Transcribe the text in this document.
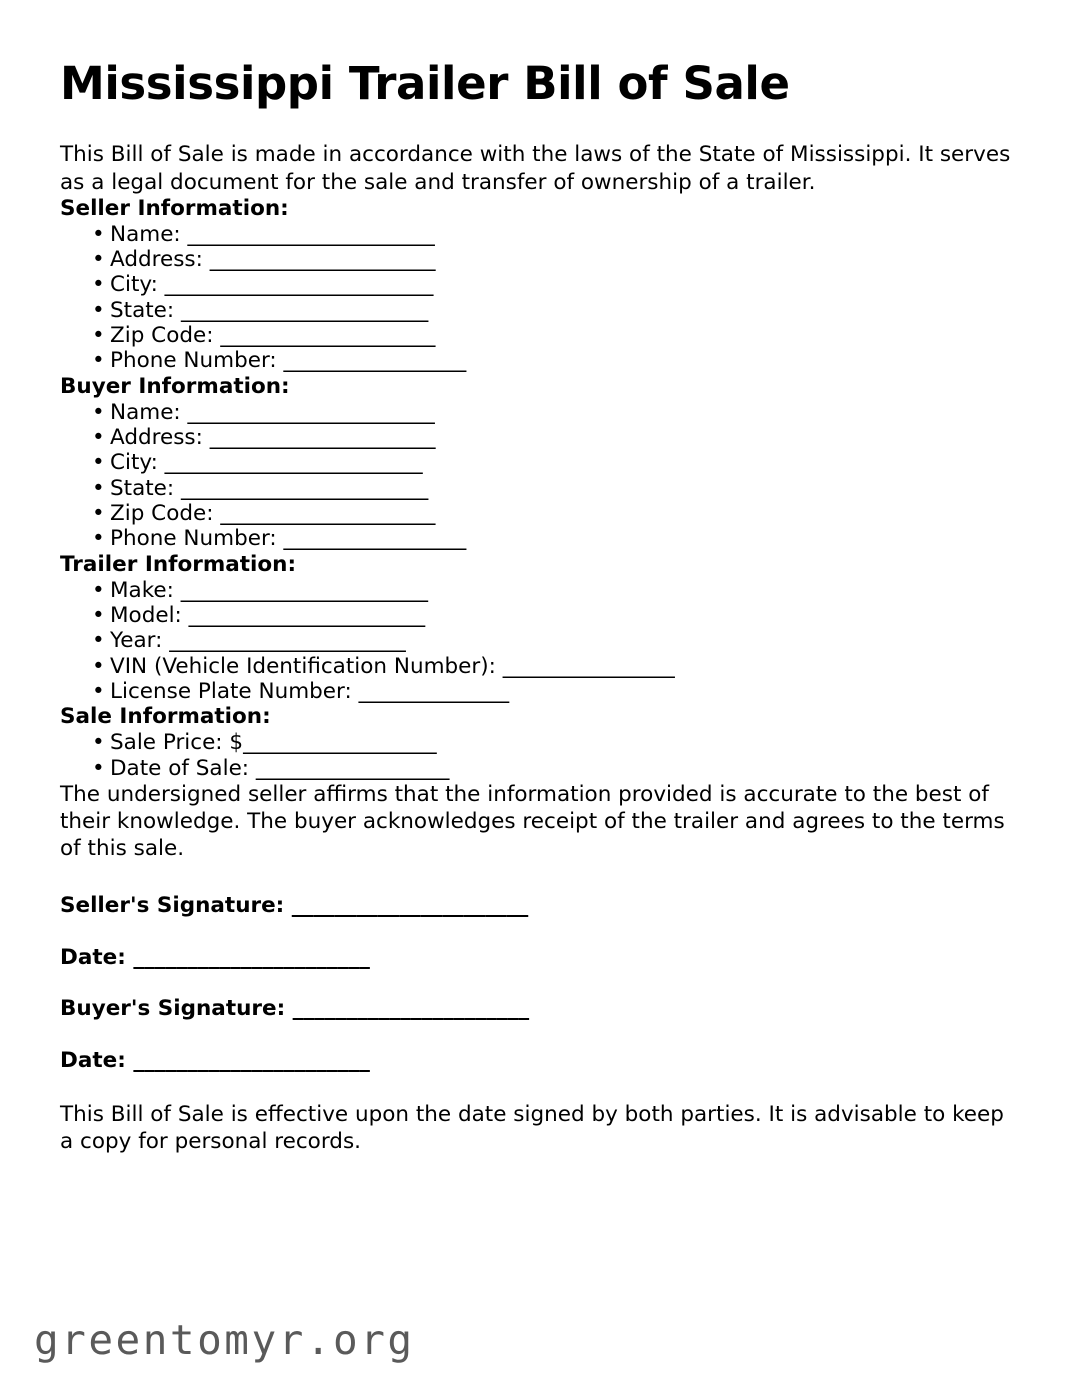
Mississippi Trailer Bill of Sale

This Bill of Sale is made in accordance with the laws of the State of Mississippi. It serves as a legal document for the sale and transfer of ownership of a trailer.

Seller Information:
• Name: _______________________
• Address: _____________________
• City: _________________________
• State: _______________________
• Zip Code: ____________________
• Phone Number: _________________
Buyer Information:
• Name: _______________________
• Address: _____________________
• City: ________________________
• State: _______________________
• Zip Code: ____________________
• Phone Number: _________________
Trailer Information:
• Make: _______________________
• Model: ______________________
• Year: ______________________
• VIN (Vehicle Identification Number): ________________
• License Plate Number: ______________
Sale Information:
• Sale Price: $__________________
• Date of Sale: __________________

The undersigned seller affirms that the information provided is accurate to the best of their knowledge. The buyer acknowledges receipt of the trailer and agrees to the terms of this sale.

Seller's Signature: ______________________
Date: ______________________
Buyer's Signature: ______________________
Date: ______________________

This Bill of Sale is effective upon the date signed by both parties. It is advisable to keep a copy for personal records.

greentomyr.org
